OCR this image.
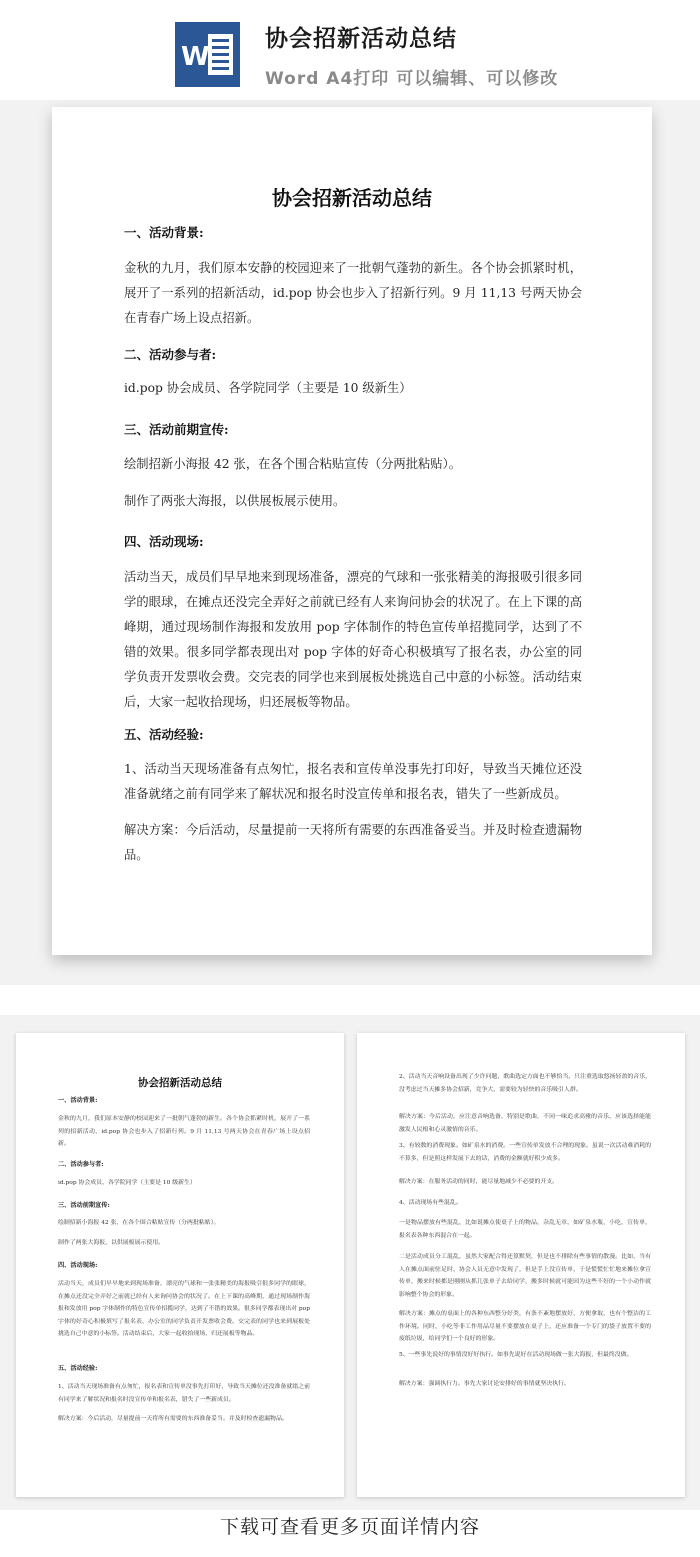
W
协会招新活动总结
Word A4打印 可以编辑、可以修改
协会招新活动总结
一、活动背景:
金秋的九月，我们原本安静的校园迎来了一批朝气蓬勃的新生。各个协会抓紧时机，展开了一系列的招新活动，id.pop 协会也步入了招新行列。9 月 11,13 号两天协会在青春广场上设点招新。
二、活动参与者:
id.pop 协会成员、各学院同学（主要是 10 级新生）
三、活动前期宣传:
绘制招新小海报 42 张，在各个围合粘贴宣传（分两批粘贴）。
制作了两张大海报，以供展板展示使用。
四、活动现场:
活动当天，成员们早早地来到现场准备，漂亮的气球和一张张精美的海报吸引很多同学的眼球，在摊点还没完全弄好之前就已经有人来询问协会的状况了。在上下课的高峰期，通过现场制作海报和发放用 pop 字体制作的特色宣传单招揽同学，达到了不错的效果。很多同学都表现出对 pop 字体的好奇心积极填写了报名表，办公室的同学负责开发票收会费。交完表的同学也来到展板处挑选自己中意的小标签。活动结束后，大家一起收拾现场，归还展板等物品。
五、活动经验:
1、活动当天现场准备有点匆忙，报名表和宣传单没事先打印好，导致当天摊位还没准备就绪之前有同学来了解状况和报名时没宣传单和报名表，错失了一些新成员。
解决方案：今后活动，尽量提前一天将所有需要的东西准备妥当。并及时检查遗漏物品。
协会招新活动总结
一、活动背景:
金秋的九月，我们原本安静的校园迎来了一批朝气蓬勃的新生。各个协会抓紧时机，展开了一系列的招新活动，id.pop 协会也步入了招新行列。9 月 11,13 号两天协会在青春广场上设点招新。
二、活动参与者:
id.pop 协会成员、各学院同学（主要是 10 级新生）
三、活动前期宣传:
绘制招新小海报 42 张，在各个围合粘贴宣传（分两批粘贴）。
制作了两张大海报，以供展板展示使用。
四、活动现场:
活动当天，成员们早早地来到现场准备，漂亮的气球和一张张精美的海报吸引很多同学的眼球，在摊点还没完全弄好之前就已经有人来询问协会的状况了。在上下课的高峰期，通过现场制作海报和发放用 pop 字体制作的特色宣传单招揽同学，达到了不错的效果。很多同学都表现出对 pop 字体的好奇心积极填写了报名表，办公室的同学负责开发票收会费。交完表的同学也来到展板处挑选自己中意的小标签。活动结束后，大家一起收拾现场，归还展板等物品。
五、活动经验:
1、活动当天现场准备有点匆忙，报名表和宣传单没事先打印好，导致当天摊位还没准备就绪之前有同学来了解状况和报名时没宣传单和报名表，错失了一些新成员。
解决方案：今后活动，尽量提前一天将所有需要的东西准备妥当。并及时检查遗漏物品。
2、活动当天音响设备出现了少许问题，歌曲选定方面也不够恰当，只注重选取悠扬轻盈的音乐，没考虑过当天摊多协会招新，竞争大，需要较为轻快的音乐吸引人群。
解决方案：今后活动，应注意音响选备，特别是歌曲，不同一味追求高雅的音乐，应该选择能能激发人民根和心灵激情的音乐。
3、有较数的消费现象。如矿泉水的消费。一些宣传单发放不合理的现象。虽说一次活动难消耗的不算多，但是照这样发展下去的话，消费的金额就好积少成多。
解决方案：在服务活动的同时，能尽量地减少不必要的开支。
4、活动现场有些混乱。
一是物品摆放有些混乱，比如说摊点使桌子上的物品，杂乱无章，如矿泉水瓶，小吃，宣传单，报名表各种东西混合在一起。
二是活动成员分工混乱，虽然大家配合得还算默契，但是也不排除有些事情的散漫。比如，当有人在摊点面前驻足时，协会人员无意中发现了，但是手上没宣传单，于是慌慌忙忙地来摊位拿宣传单，搬来时候都是刚刚从抓几张单子去给同学，搬多时候就可能因为这些不好的一个小动作就影响整个协会的形象。
解决方案：摊点的桌面上的各种东西整分好类，有条不紊地摆放好，方便拿取，也有个整洁的工作环境。同时，小吃等非工作用品尽量不要摆放在桌子上，还应准备一个专门的袋子放置不要的废纸垃圾，给同学们一个良好的形象。
5、一些事先说好的事情没好好执行。如事先说好在活动现场做一张大海报，但最终没做。
解决方案：强调执行力。事先大家讨论安排好的事情就坚决执行。
下载可查看更多页面详情内容
